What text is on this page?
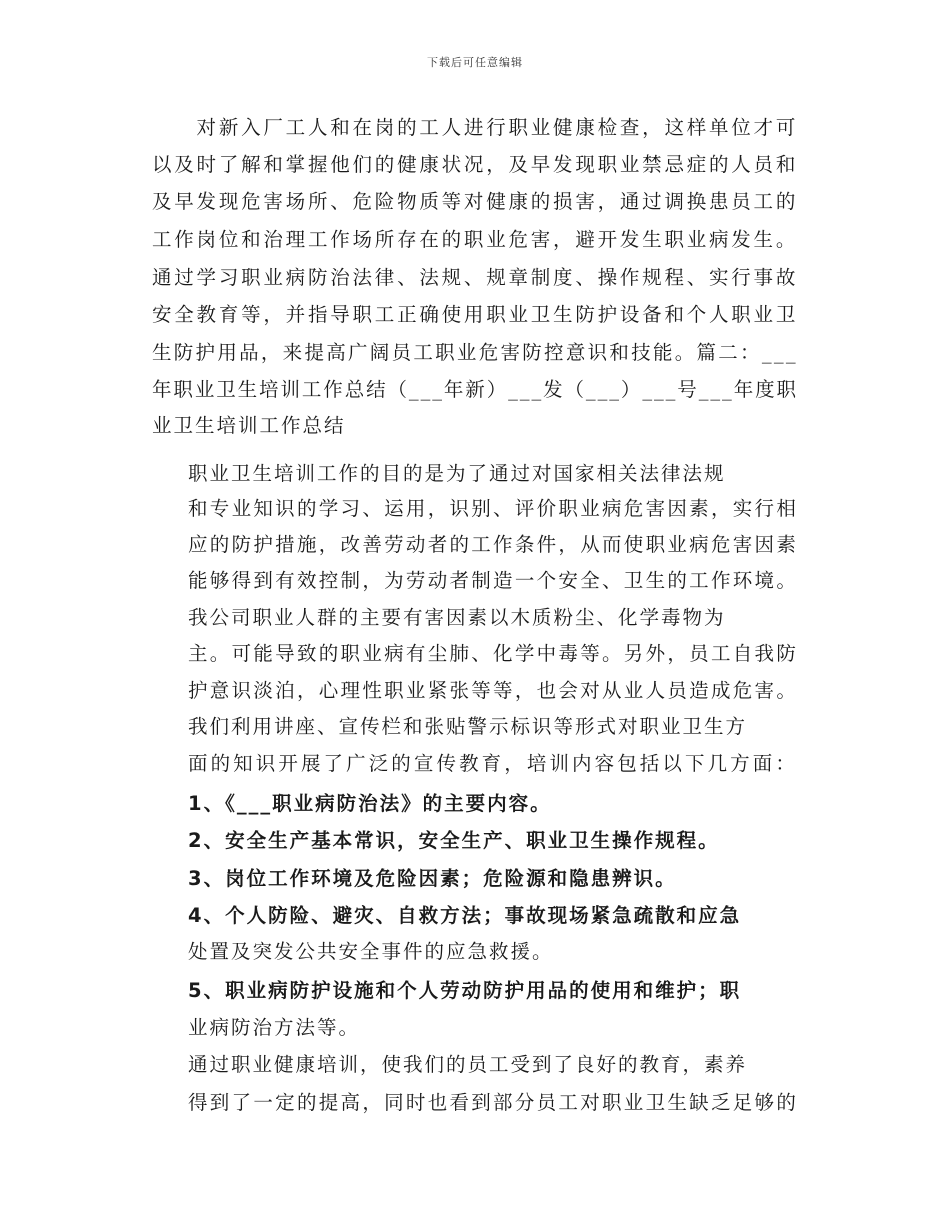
下载后可任意编辑
　　对新入厂工人和在岗的工人进行职业健康检查，这样单位才可
以及时了解和掌握他们的健康状况，及早发现职业禁忌症的人员和
及早发现危害场所、危险物质等对健康的损害，通过调换患员工的
工作岗位和治理工作场所存在的职业危害，避开发生职业病发生。
通过学习职业病防治法律、法规、规章制度、操作规程、实行事故
安全教育等，并指导职工正确使用职业卫生防护设备和个人职业卫
生防护用品，来提高广阔员工职业危害防控意识和技能。篇二：___
年职业卫生培训工作总结（___年新）___发（___）___号___年度职
业卫生培训工作总结
职业卫生培训工作的目的是为了通过对国家相关法律法规
和专业知识的学习、运用，识别、评价职业病危害因素，实行相
应的防护措施，改善劳动者的工作条件，从而使职业病危害因素
能够得到有效控制，为劳动者制造一个安全、卫生的工作环境。
我公司职业人群的主要有害因素以木质粉尘、化学毒物为
主。可能导致的职业病有尘肺、化学中毒等。另外，员工自我防
护意识淡泊，心理性职业紧张等等，也会对从业人员造成危害。
我们利用讲座、宣传栏和张贴警示标识等形式对职业卫生方
面的知识开展了广泛的宣传教育，培训内容包括以下几方面：
1、《___职业病防治法》的主要内容。
2、安全生产基本常识，安全生产、职业卫生操作规程。
3、岗位工作环境及危险因素；危险源和隐患辨识。
4、个人防险、避灾、自救方法；事故现场紧急疏散和应急
处置及突发公共安全事件的应急救援。
5、职业病防护设施和个人劳动防护用品的使用和维护；职
业病防治方法等。
通过职业健康培训，使我们的员工受到了良好的教育，素养
得到了一定的提高，同时也看到部分员工对职业卫生缺乏足够的
